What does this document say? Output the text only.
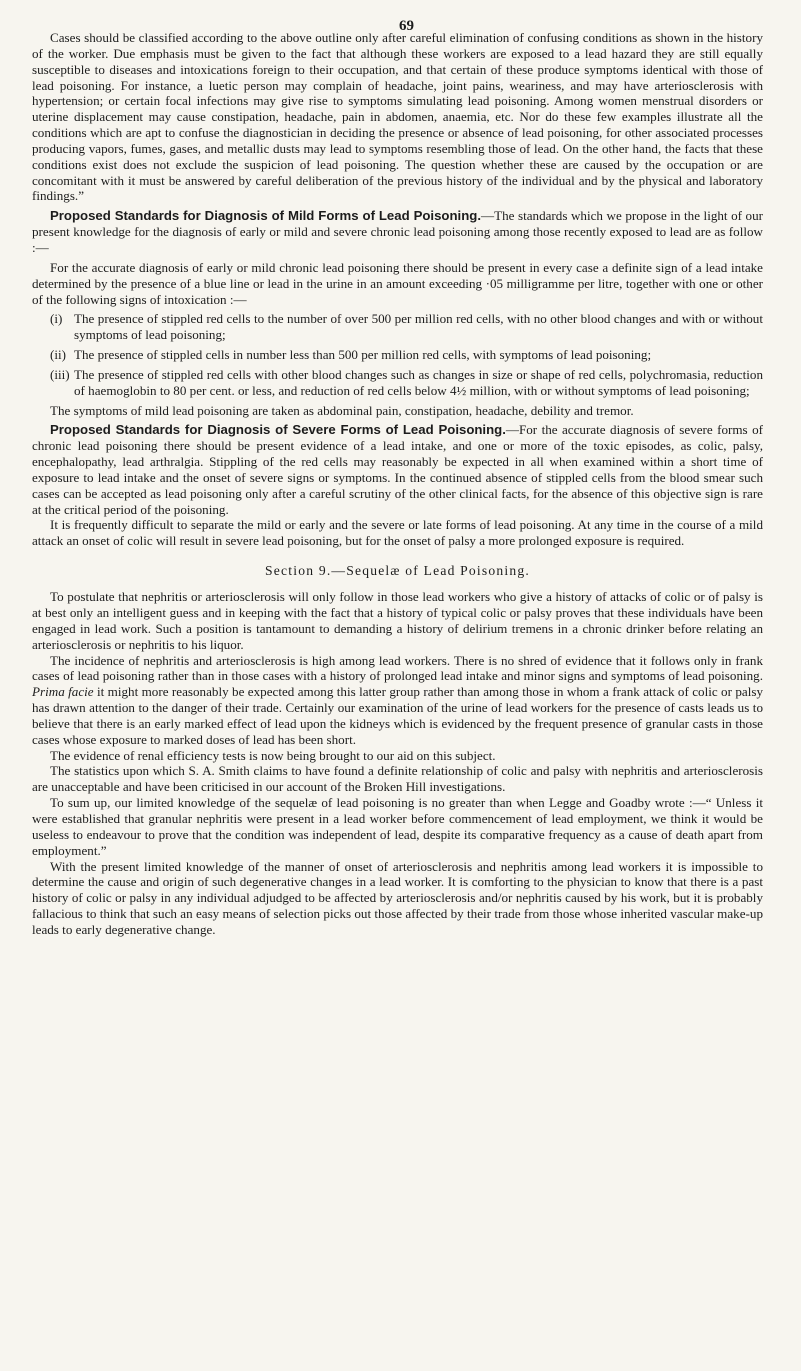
69

Cases should be classified according to the above outline only after careful elimination of confusing conditions as shown in the history of the worker. Due emphasis must be given to the fact that although these workers are exposed to a lead hazard they are still equally susceptible to diseases and intoxications foreign to their occupation, and that certain of these produce symptoms identical with those of lead poisoning. For instance, a luetic person may complain of headache, joint pains, weariness, and may have arteriosclerosis with hypertension; or certain focal infections may give rise to symptoms simulating lead poisoning. Among women menstrual disorders or uterine displacement may cause constipation, headache, pain in abdomen, anaemia, etc. Nor do these few examples illustrate all the conditions which are apt to confuse the diagnostician in deciding the presence or absence of lead poisoning, for other associated processes producing vapors, fumes, gases, and metallic dusts may lead to symptoms resembling those of lead. On the other hand, the facts that these conditions exist does not exclude the suspicion of lead poisoning. The question whether these are caused by the occupation or are concomitant with it must be answered by careful deliberation of the previous history of the individual and by the physical and laboratory findings.”

Proposed Standards for Diagnosis of Mild Forms of Lead Poisoning.—The standards which we propose in the light of our present knowledge for the diagnosis of early or mild and severe chronic lead poisoning among those recently exposed to lead are as follow :—

For the accurate diagnosis of early or mild chronic lead poisoning there should be present in every case a definite sign of a lead intake determined by the presence of a blue line or lead in the urine in an amount exceeding ·05 milligramme per litre, together with one or other of the following signs of intoxication :—

(i) The presence of stippled red cells to the number of over 500 per million red cells, with no other blood changes and with or without symptoms of lead poisoning;
(ii) The presence of stippled cells in number less than 500 per million red cells, with symptoms of lead poisoning;
(iii) The presence of stippled red cells with other blood changes such as changes in size or shape of red cells, polychromasia, reduction of haemoglobin to 80 per cent. or less, and reduction of red cells below 4½ million, with or without symptoms of lead poisoning;

The symptoms of mild lead poisoning are taken as abdominal pain, constipation, headache, debility and tremor.

Proposed Standards for Diagnosis of Severe Forms of Lead Poisoning.—For the accurate diagnosis of severe forms of chronic lead poisoning there should be present evidence of a lead intake, and one or more of the toxic episodes, as colic, palsy, encephalopathy, lead arthralgia. Stippling of the red cells may reasonably be expected in all when examined within a short time of exposure to lead intake and the onset of severe signs or symptoms. In the continued absence of stippled cells from the blood smear such cases can be accepted as lead poisoning only after a careful scrutiny of the other clinical facts, for the absence of this objective sign is rare at the critical period of the poisoning.

It is frequently difficult to separate the mild or early and the severe or late forms of lead poisoning. At any time in the course of a mild attack an onset of colic will result in severe lead poisoning, but for the onset of palsy a more prolonged exposure is required.

Section 9.—Sequelæ of Lead Poisoning.

To postulate that nephritis or arteriosclerosis will only follow in those lead workers who give a history of attacks of colic or of palsy is at best only an intelligent guess and in keeping with the fact that a history of typical colic or palsy proves that these individuals have been engaged in lead work. Such a position is tantamount to demanding a history of delirium tremens in a chronic drinker before relating an arteriosclerosis or nephritis to his liquor.

The incidence of nephritis and arteriosclerosis is high among lead workers. There is no shred of evidence that it follows only in frank cases of lead poisoning rather than in those cases with a history of prolonged lead intake and minor signs and symptoms of lead poisoning. Prima facie it might more reasonably be expected among this latter group rather than among those in whom a frank attack of colic or palsy has drawn attention to the danger of their trade. Certainly our examination of the urine of lead workers for the presence of casts leads us to believe that there is an early marked effect of lead upon the kidneys which is evidenced by the frequent presence of granular casts in those cases whose exposure to marked doses of lead has been short.

The evidence of renal efficiency tests is now being brought to our aid on this subject.

The statistics upon which S. A. Smith claims to have found a definite relationship of colic and palsy with nephritis and arteriosclerosis are unacceptable and have been criticised in our account of the Broken Hill investigations.

To sum up, our limited knowledge of the sequelæ of lead poisoning is no greater than when Legge and Goadby wrote :—“ Unless it were established that granular nephritis were present in a lead worker before commencement of lead employment, we think it would be useless to endeavour to prove that the condition was independent of lead, despite its comparative frequency as a cause of death apart from employment.”

With the present limited knowledge of the manner of onset of arteriosclerosis and nephritis among lead workers it is impossible to determine the cause and origin of such degenerative changes in a lead worker. It is comforting to the physician to know that there is a past history of colic or palsy in any individual adjudged to be affected by arteriosclerosis and/or nephritis caused by his work, but it is probably fallacious to think that such an easy means of selection picks out those affected by their trade from those whose inherited vascular make-up leads to early degenerative change.
